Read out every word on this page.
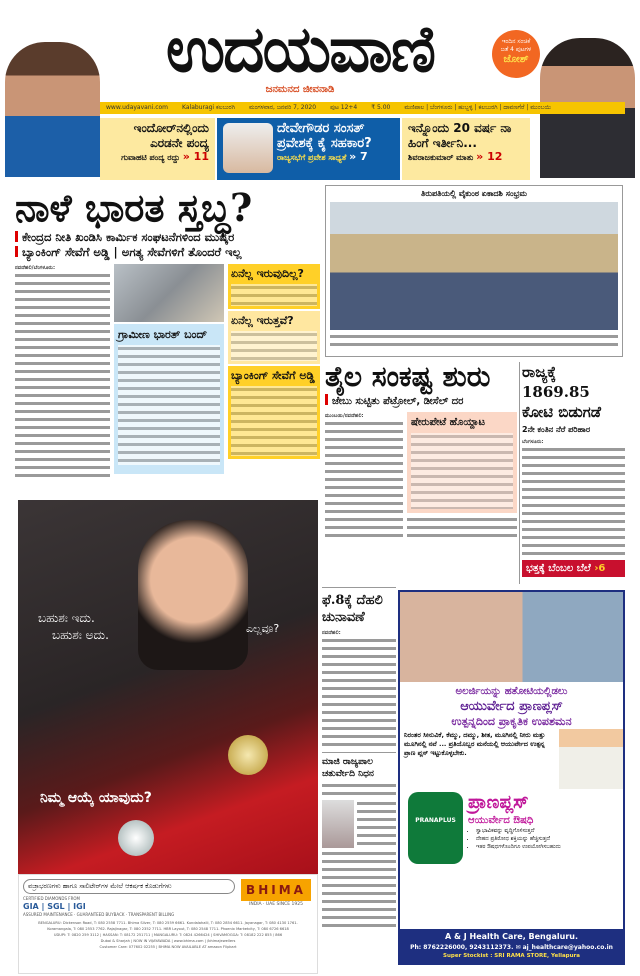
ಉದಯವಾಣಿ
ಜನಮನದ ಜೀವನಾಡಿ
ಇಂದಿನ ಸಂಚಿಕೆ
ಜತೆ 4 ಪುಟಗಳ
ಜೋಶ್
www.udayavani.com Kalaburagi ಕಲಬುರಗಿ ಮಂಗಳವಾರ, ಜನವರಿ 7, 2020 ಪುಟ 12+4 ₹ 5.00 ಮಣಿಪಾಲ | ಬೆಂಗಳೂರು | ಹುಬ್ಬಳ್ಳಿ | ಕಲಬುರಗಿ | ದಾವಣಗೆರೆ | ಮುಂಬಯಿ
ಇಂದೋರ್‌ನಲ್ಲಿಂದು ಎರಡನೇ ಪಂದ್ಯ
ಗುವಾಹಟಿ ಪಂದ್ಯ ರದ್ದು » 11
ದೇವೇಗೌಡರ ಸಂಸತ್ ಪ್ರವೇಶಕ್ಕೆ ಕೈ ಸಹಕಾರ?
ರಾಜ್ಯಸಭೆಗೆ ಪ್ರವೇಶ ಸಾಧ್ಯತೆ » 7
ಇನ್ನೊಂದು 20 ವರ್ಷ ನಾ ಹಿಂಗೆ ಇರ್ತೀನಿ...
ಶಿವರಾಜಕುಮಾರ್ ಮಾತು » 12
ನಾಳೆ ಭಾರತ ಸ್ತಬ್ಧ?
ಕೇಂದ್ರದ ನೀತಿ ಖಂಡಿಸಿ ಕಾರ್ಮಿಕ ಸಂಘಟನೆಗಳಿಂದ ಮುಷ್ಕರ
ಬ್ಯಾಂಕಿಂಗ್ ಸೇವೆಗೆ ಅಡ್ಡಿ | ಅಗತ್ಯ ಸೇವೆಗಳಿಗೆ ತೊಂದರೆ ಇಲ್ಲ
ನವದೆಹಲಿ/ಬೆಂಗಳೂರು:
ಗ್ರಾಮೀಣ ಭಾರತ್ ಬಂದ್
ಏನೆಲ್ಲ ಇರುವುದಿಲ್ಲ?
ಏನೆಲ್ಲ ಇರುತ್ತವೆ?
ಬ್ಯಾಂಕಿಂಗ್ ಸೇವೆಗೆ ಅಡ್ಡಿ
ತಿರುಪತಿಯಲ್ಲಿ ವೈಕುಂಠ ಏಕಾದಶಿ ಸಂಭ್ರಮ
ತೈಲ ಸಂಕಷ್ಟ ಶುರು
ಜೇಬು ಸುಟ್ಟಿತು ಪೆಟ್ರೋಲ್, ಡೀಸೆಲ್ ದರ
ಮುಂಬಯಿ/ನವದೆಹಲಿ:
ಷೇರುಪೇಟೆ ಹೊಯ್ದಾಟ
ರಾಜ್ಯಕ್ಕೆ 1869.85 ಕೋಟಿ ಬಿಡುಗಡೆ
2ನೇ ಕಂತಿನ ನೆರೆ ಪರಿಹಾರ
ಬೆಂಗಳೂರು:
ಭತ್ತಕ್ಕೆ ಬೆಂಬಲ ಬೆಲೆ ›6
ಫೆ.8ಕ್ಕೆ ದೆಹಲಿ ಚುನಾವಣೆ
ನವದೆಹಲಿ:
ಮಾಜಿ ರಾಜ್ಯಪಾಲ ಚತುರ್ವೇದಿ ನಿಧನ
ಬಹುಶಃ ಇದು.
ಬಹುಶಃ ಅದು.	ಎಲ್ಲವೂ?
ನಿಮ್ಮ ಆಯ್ಕೆ ಯಾವುದು?
ವಜ್ರಾಭರಣಗಳು ಹಾಗೂ ಸಾಲಿಟೇರ್‌ಗಳ ಮೇಲೆ ಆಕರ್ಷಕ ಕೊಡುಗೆಗಳು
CERTIFIED DIAMONDS FROM
GIA | SGL | IGI
ASSURED MAINTENANCE · GUARANTEED BUYBACK · TRANSPARENT BILLING
BHIMA
INDIA · UAE SINCE 1925
BENGALURU: Dickenson Road, T: 080 2558 7711. Bhima Silver, T: 080 2559 6661. Kundalahalli, T: 080 2854 6611. Jayanagar, T: 080 4130 1761.
Koramangala, T: 080 2553 7762. Rajajinagar, T: 080 2352 7711. HBR Layout, T: 080 2548 7711. Phoenix Marketcity, T: 080 6726 6618
UDUPI: T: 0820 259 3112 | HASSAN: T: 08172 251711 | MANGALURU: T: 0824 4266424 | SHIVAMOGGA: T: 08182 222 855 / 866
Dubai & Sharjah | NOW IN VIJAYAWADA | www.bhima.com | /bhimajewellers
Customer Care: 077602 02255 | BHIMA NOW AVAILABLE AT amazon Flipkart
ಅಲರ್ಜಿಯನ್ನು ಹತೋಟಿಯಲ್ಲಿಡಲು
ಆಯುರ್ವೇದ ಪ್ರಾಣಪ್ಲಸ್
ಉತ್ಪನ್ನದಿಂದ ಪ್ರಾಕೃತಿಕ ಉಪಶಮನ
ನಿರಂತರ ಸೀನುವಿಕೆ, ಕೆಮ್ಮು, ದಮ್ಮು, ಶೀತ, ಮೂಗಿನಲ್ಲಿ ನೀರು ಮತ್ತು ಮೂಗಿನಲ್ಲಿ ನವೆ ... ಪ್ರತಿಯೊಬ್ಬರ ಮನೆಯಲ್ಲಿ ಆಯುರ್ವೇದ ಉತ್ಪನ್ನ ಪ್ರಾಣ ಪ್ಲಸ್ ಇಟ್ಟುಕೊಳ್ಳಬೇಕು.
PRANAPLUS
ಪ್ರಾಣಪ್ಲಸ್
ಆಯುರ್ವೇದ ಔಷಧಿ
• ಸ್ವಾಭಾವಿಕವನ್ನು ವೃದ್ಧಿಗೊಳಿಸುತ್ತದೆ
• ದೇಹದ ಪ್ರತಿರೋಧ ಶಕ್ತಿಯನ್ನು ಹೆಚ್ಚಿಸುತ್ತದೆ
• ಇತರ ಔಷಧಗಳೊಂದಿಗೂ ಉಪಯೋಗಿಸಬಹುದು
A & J Health Care, Bengaluru.
Ph: 8762226000, 9243112373. ✉ aj_healthcare@yahoo.co.in
Super Stockist : SRI RAMA STORE, Yellapura
